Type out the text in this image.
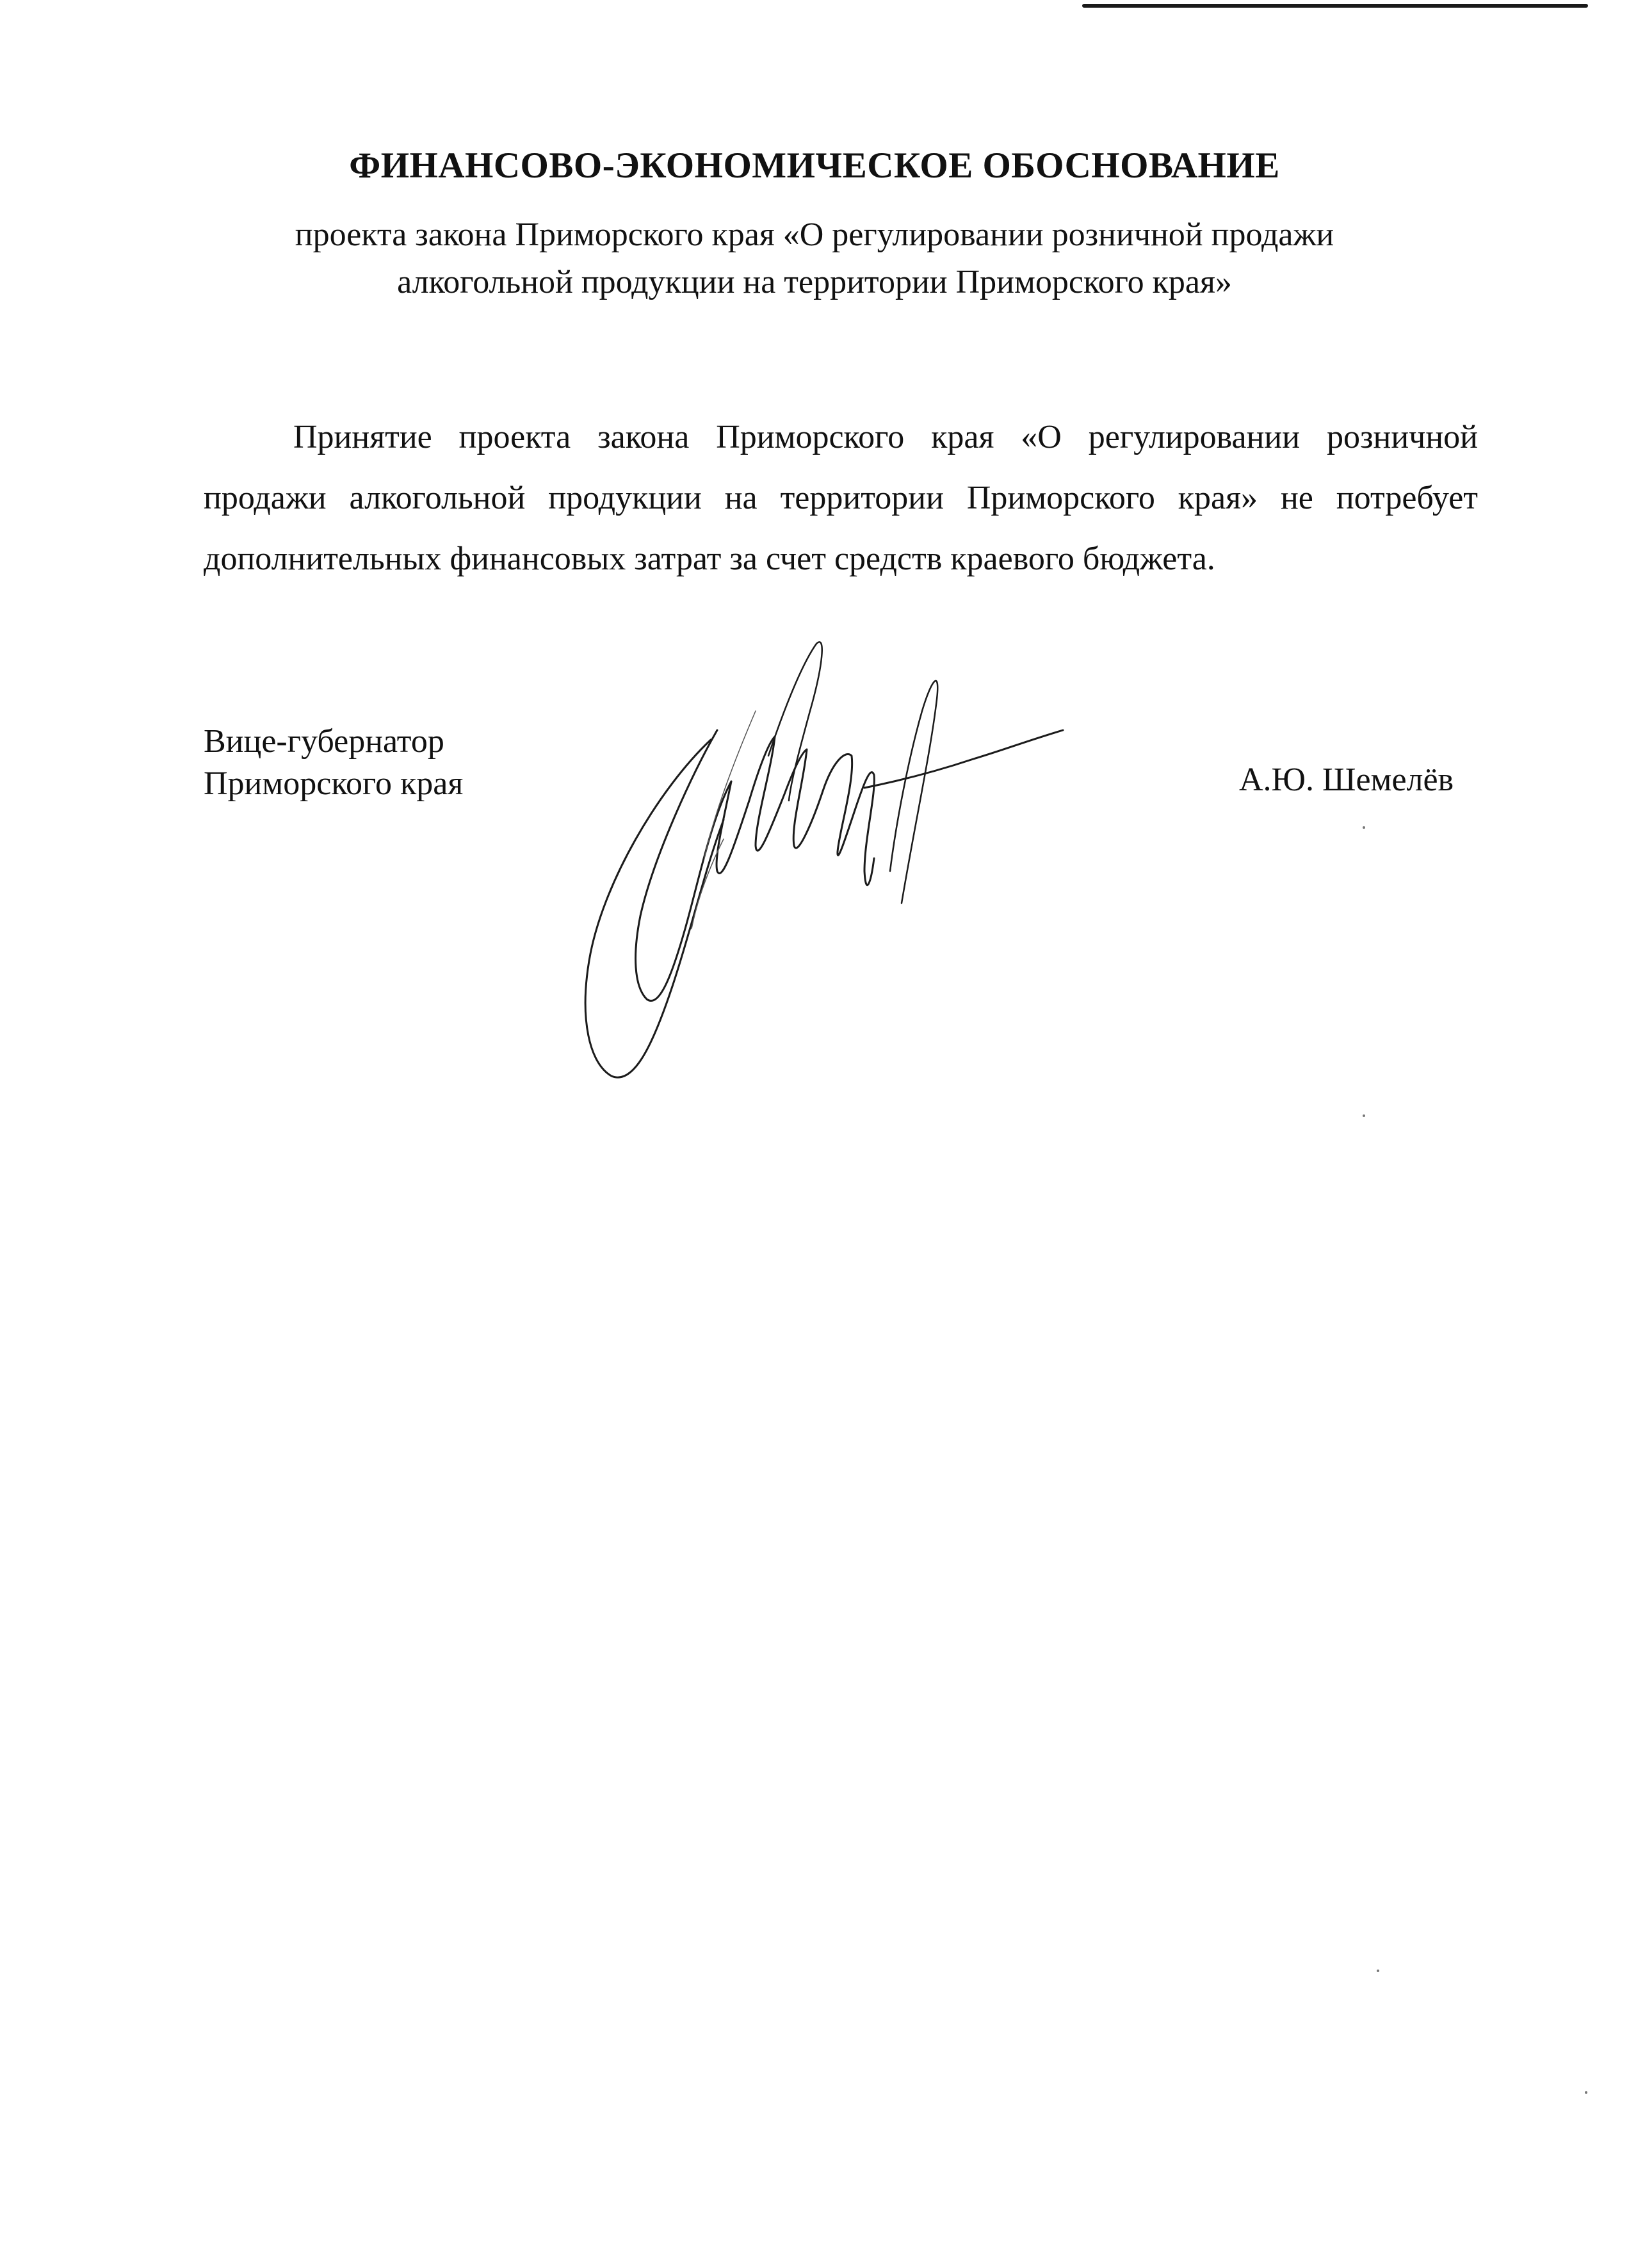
ФИНАНСОВО-ЭКОНОМИЧЕСКОЕ ОБОСНОВАНИЕ

проекта закона Приморского края «О регулировании розничной продажи
алкогольной продукции на территории Приморского края»

Принятие проекта закона Приморского края «О регулировании розничной продажи алкогольной продукции на территории Приморского края» не потребует дополнительных финансовых затрат за счет средств краевого бюджета.

Вице-губернатор
Приморского края	А.Ю. Шемелёв
